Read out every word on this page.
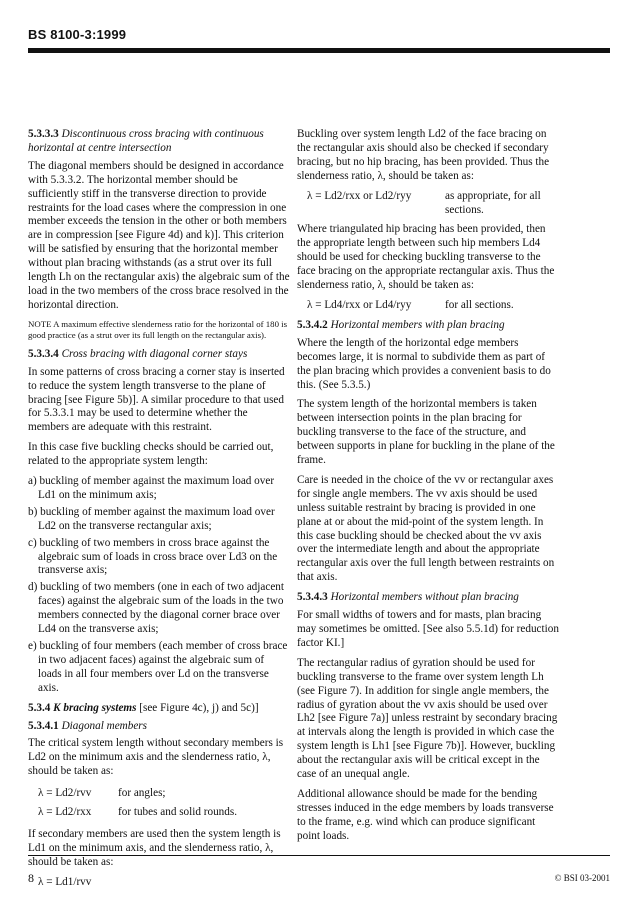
BS 8100-3:1999
5.3.3.3 Discontinuous cross bracing with continuous horizontal at centre intersection

The diagonal members should be designed in accordance with 5.3.3.2. The horizontal member should be sufficiently stiff in the transverse direction to provide restraints for the load cases where the compression in one member exceeds the tension in the other or both members are in compression [see Figure 4d) and k)]. This criterion will be satisfied by ensuring that the horizontal member without plan bracing withstands (as a strut over its full length Lh on the rectangular axis) the algebraic sum of the load in the two members of the cross brace resolved in the horizontal direction.

NOTE A maximum effective slenderness ratio for the horizontal of 180 is good practice (as a strut over its full length on the rectangular axis).

5.3.3.4 Cross bracing with diagonal corner stays

In some patterns of cross bracing a corner stay is inserted to reduce the system length transverse to the plane of bracing [see Figure 5b)]. A similar procedure to that used for 5.3.3.1 may be used to determine whether the members are adequate with this restraint.

In this case five buckling checks should be carried out, related to the appropriate system length:

a) buckling of member against the maximum load over Ld1 on the minimum axis;
b) buckling of member against the maximum load over Ld2 on the transverse rectangular axis;
c) buckling of two members in cross brace against the algebraic sum of loads in cross brace over Ld3 on the transverse axis;
d) buckling of two members (one in each of two adjacent faces) against the algebraic sum of the loads in the two members connected by the diagonal corner brace over Ld4 on the transverse axis;
e) buckling of four members (each member of cross brace in two adjacent faces) against the algebraic sum of loads in all four members over Ld on the transverse axis.
5.3.4 K bracing systems [see Figure 4c), j) and 5c)]
5.3.4.1 Diagonal members

The critical system length without secondary members is Ld2 on the minimum axis and the slenderness ratio, λ, should be taken as:

λ = Ld2/rvv	for angles;
λ = Ld2/rxx	for tubes and solid rounds.

If secondary members are used then the system length is Ld1 on the minimum axis, and the slenderness ratio, λ, should be taken as:

λ = Ld1/rvv

Buckling over system length Ld2 of the face bracing on the rectangular axis should also be checked if secondary bracing, but no hip bracing, has been provided. Thus the slenderness ratio, λ, should be taken as:

λ = Ld2/rxx or Ld2/ryy	as appropriate, for all sections.

Where triangulated hip bracing has been provided, then the appropriate length between such hip members Ld4 should be used for checking buckling transverse to the face bracing on the appropriate rectangular axis. Thus the slenderness ratio, λ, should be taken as:

λ = Ld4/rxx or Ld4/ryy	for all sections.
5.3.4.2 Horizontal members with plan bracing

Where the length of the horizontal edge members becomes large, it is normal to subdivide them as part of the plan bracing which provides a convenient basis to do this. (See 5.3.5.)

The system length of the horizontal members is taken between intersection points in the plan bracing for buckling transverse to the face of the structure, and between supports in plane for buckling in the plane of the frame.

Care is needed in the choice of the vv or rectangular axes for single angle members. The vv axis should be used unless suitable restraint by bracing is provided in one plane at or about the mid-point of the system length. In this case buckling should be checked about the vv axis over the intermediate length and about the appropriate rectangular axis over the full length between restraints on that axis.

5.3.4.3 Horizontal members without plan bracing

For small widths of towers and for masts, plan bracing may sometimes be omitted. [See also 5.5.1d) for reduction factor KI.]

The rectangular radius of gyration should be used for buckling transverse to the frame over system length Lh (see Figure 7). In addition for single angle members, the radius of gyration about the vv axis should be used over Lh2 [see Figure 7a)] unless restraint by secondary bracing at intervals along the length is provided in which case the system length is Lh1 [see Figure 7b)]. However, buckling about the rectangular axis will be critical except in the case of an unequal angle.

Additional allowance should be made for the bending stresses induced in the edge members by loads transverse to the frame, e.g. wind which can produce significant point loads.

8	© BSI 03-2001
